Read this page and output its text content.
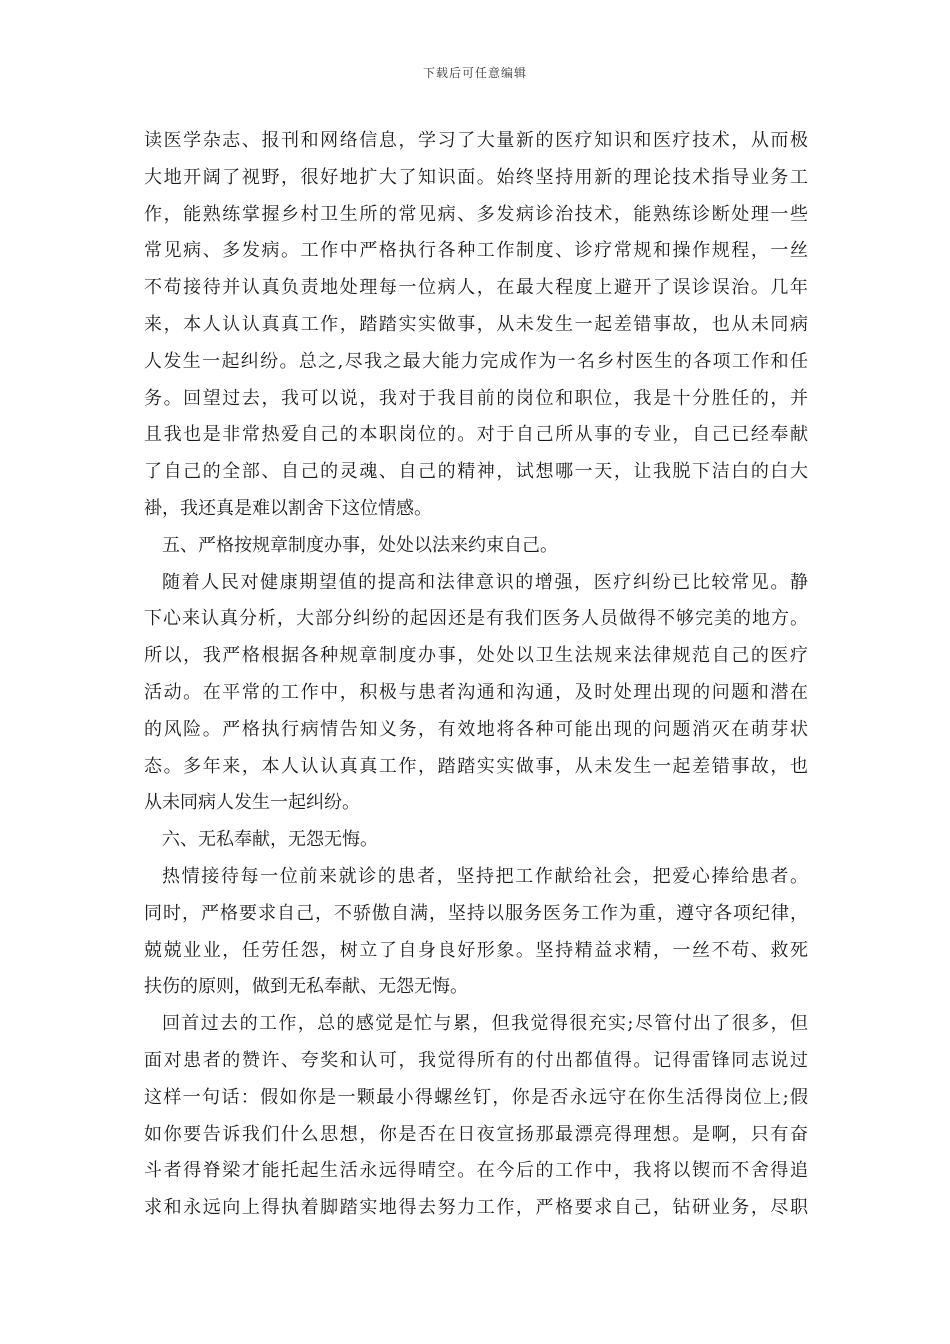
下载后可任意编辑
读医学杂志、报刊和网络信息，学习了大量新的医疗知识和医疗技术，从而极
大地开阔了视野，很好地扩大了知识面。始终坚持用新的理论技术指导业务工
作，能熟练掌握乡村卫生所的常见病、多发病诊治技术，能熟练诊断处理一些
常见病、多发病。工作中严格执行各种工作制度、诊疗常规和操作规程，一丝
不苟接待并认真负责地处理每一位病人，在最大程度上避开了误诊误治。几年
来，本人认认真真工作，踏踏实实做事，从未发生一起差错事故，也从未同病
人发生一起纠纷。总之,尽我之最大能力完成作为一名乡村医生的各项工作和任
务。回望过去，我可以说，我对于我目前的岗位和职位，我是十分胜任的，并
且我也是非常热爱自己的本职岗位的。对于自己所从事的专业，自己已经奉献
了自己的全部、自己的灵魂、自己的精神，试想哪一天，让我脱下洁白的白大
褂，我还真是难以割舍下这位情感。
五、严格按规章制度办事，处处以法来约束自己。
随着人民对健康期望值的提高和法律意识的增强，医疗纠纷已比较常见。静
下心来认真分析，大部分纠纷的起因还是有我们医务人员做得不够完美的地方。
所以，我严格根据各种规章制度办事，处处以卫生法规来法律规范自己的医疗
活动。在平常的工作中，积极与患者沟通和沟通，及时处理出现的问题和潜在
的风险。严格执行病情告知义务，有效地将各种可能出现的问题消灭在萌芽状
态。多年来，本人认认真真工作，踏踏实实做事，从未发生一起差错事故，也
从未同病人发生一起纠纷。
六、无私奉献，无怨无悔。
热情接待每一位前来就诊的患者，坚持把工作献给社会，把爱心捧给患者。
同时，严格要求自己，不骄傲自满，坚持以服务医务工作为重，遵守各项纪律，
兢兢业业，任劳任怨，树立了自身良好形象。坚持精益求精，一丝不苟、救死
扶伤的原则，做到无私奉献、无怨无悔。
回首过去的工作，总的感觉是忙与累，但我觉得很充实;尽管付出了很多，但
面对患者的赞许、夸奖和认可，我觉得所有的付出都值得。记得雷锋同志说过
这样一句话：假如你是一颗最小得螺丝钉，你是否永远守在你生活得岗位上;假
如你要告诉我们什么思想，你是否在日夜宣扬那最漂亮得理想。是啊，只有奋
斗者得脊梁才能托起生活永远得晴空。在今后的工作中，我将以锲而不舍得追
求和永远向上得执着脚踏实地得去努力工作，严格要求自己，钻研业务，尽职
